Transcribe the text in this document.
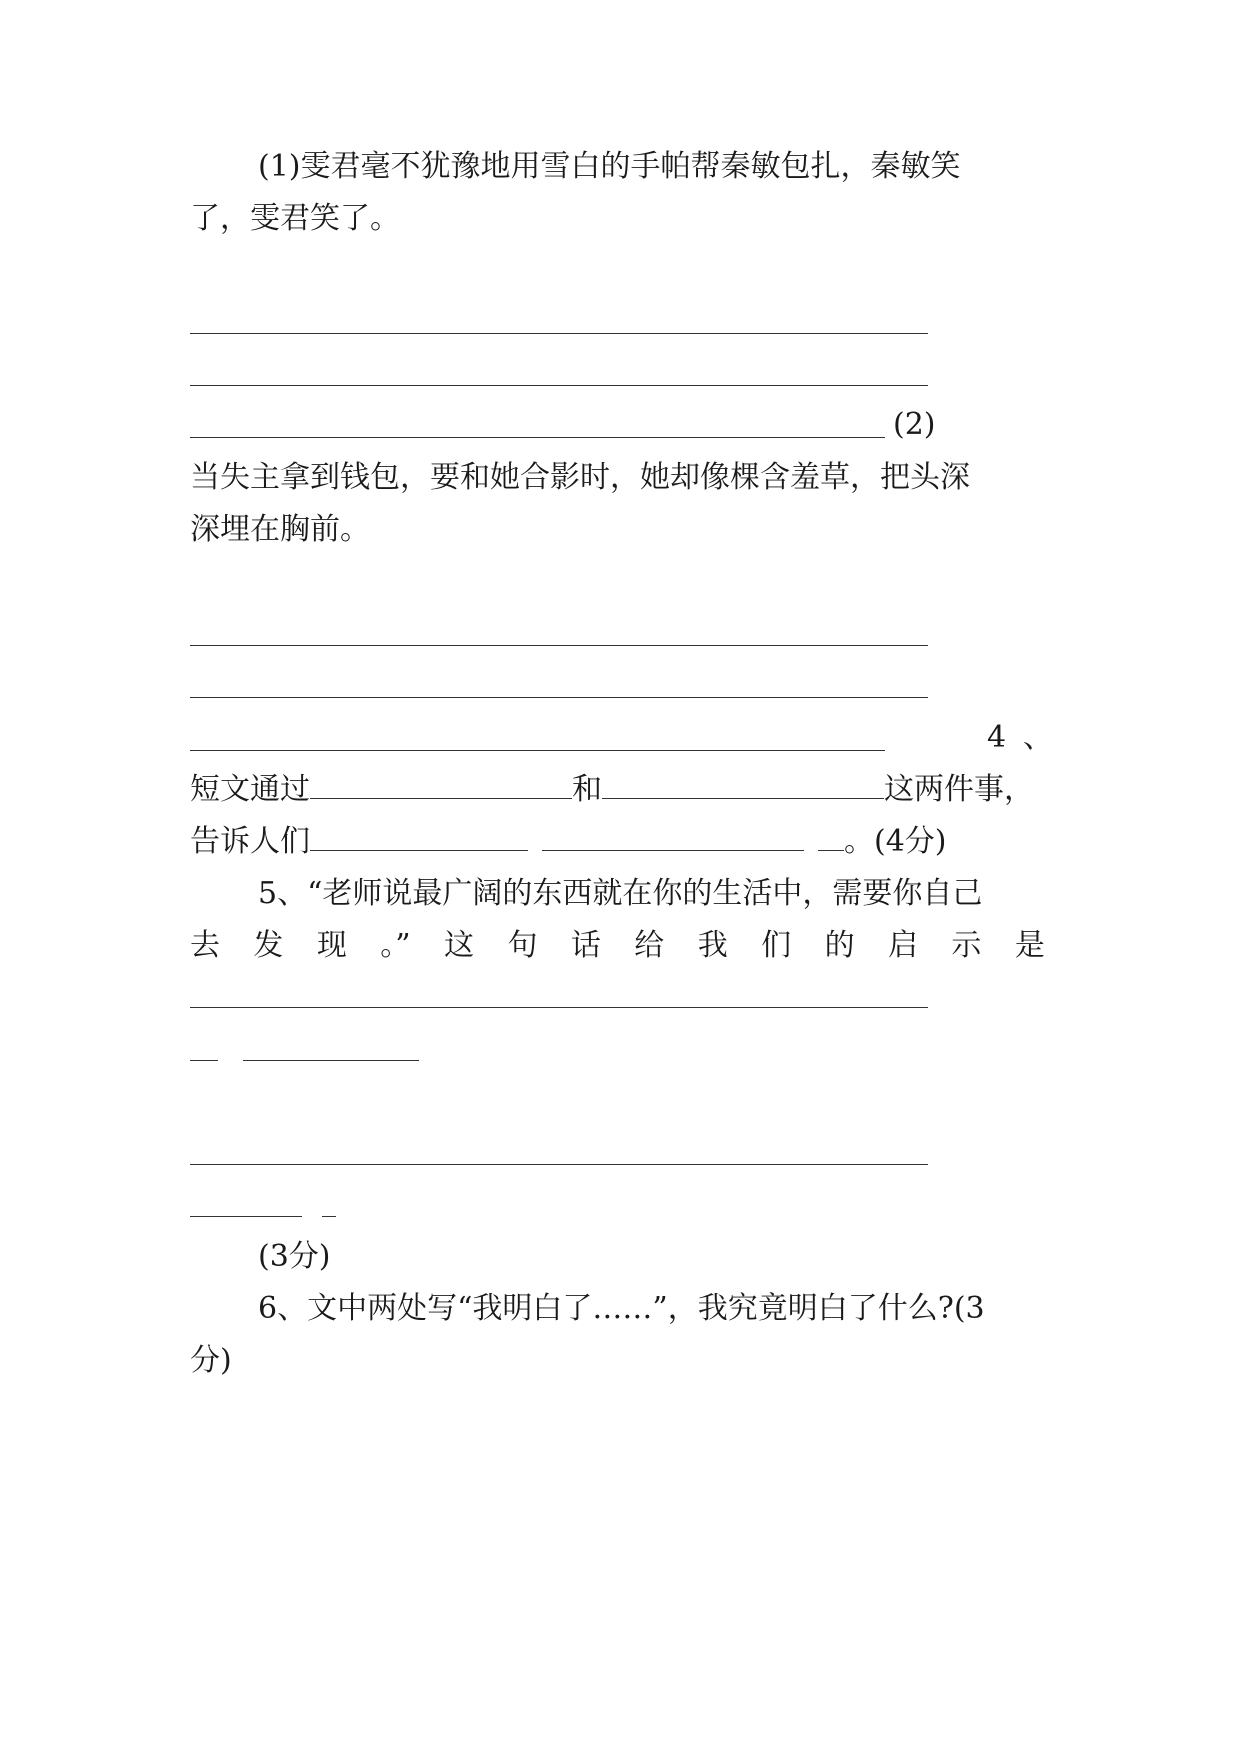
(1)雯君毫不犹豫地用雪白的手帕帮秦敏包扎，秦敏笑
了，雯君笑了。
(2)
当失主拿到钱包，要和她合影时，她却像棵含羞草，把头深
深埋在胸前。
4 、
短文通过	和	这两件事，
告诉人们	。(4分)
5、“老师说最广阔的东西就在你的生活中，需要你自己
去 发 现 。” 这 句 话 给 我 们 的 启 示 是
(3分)
6、文中两处写“我明白了……”，我究竟明白了什么?(3
分)
